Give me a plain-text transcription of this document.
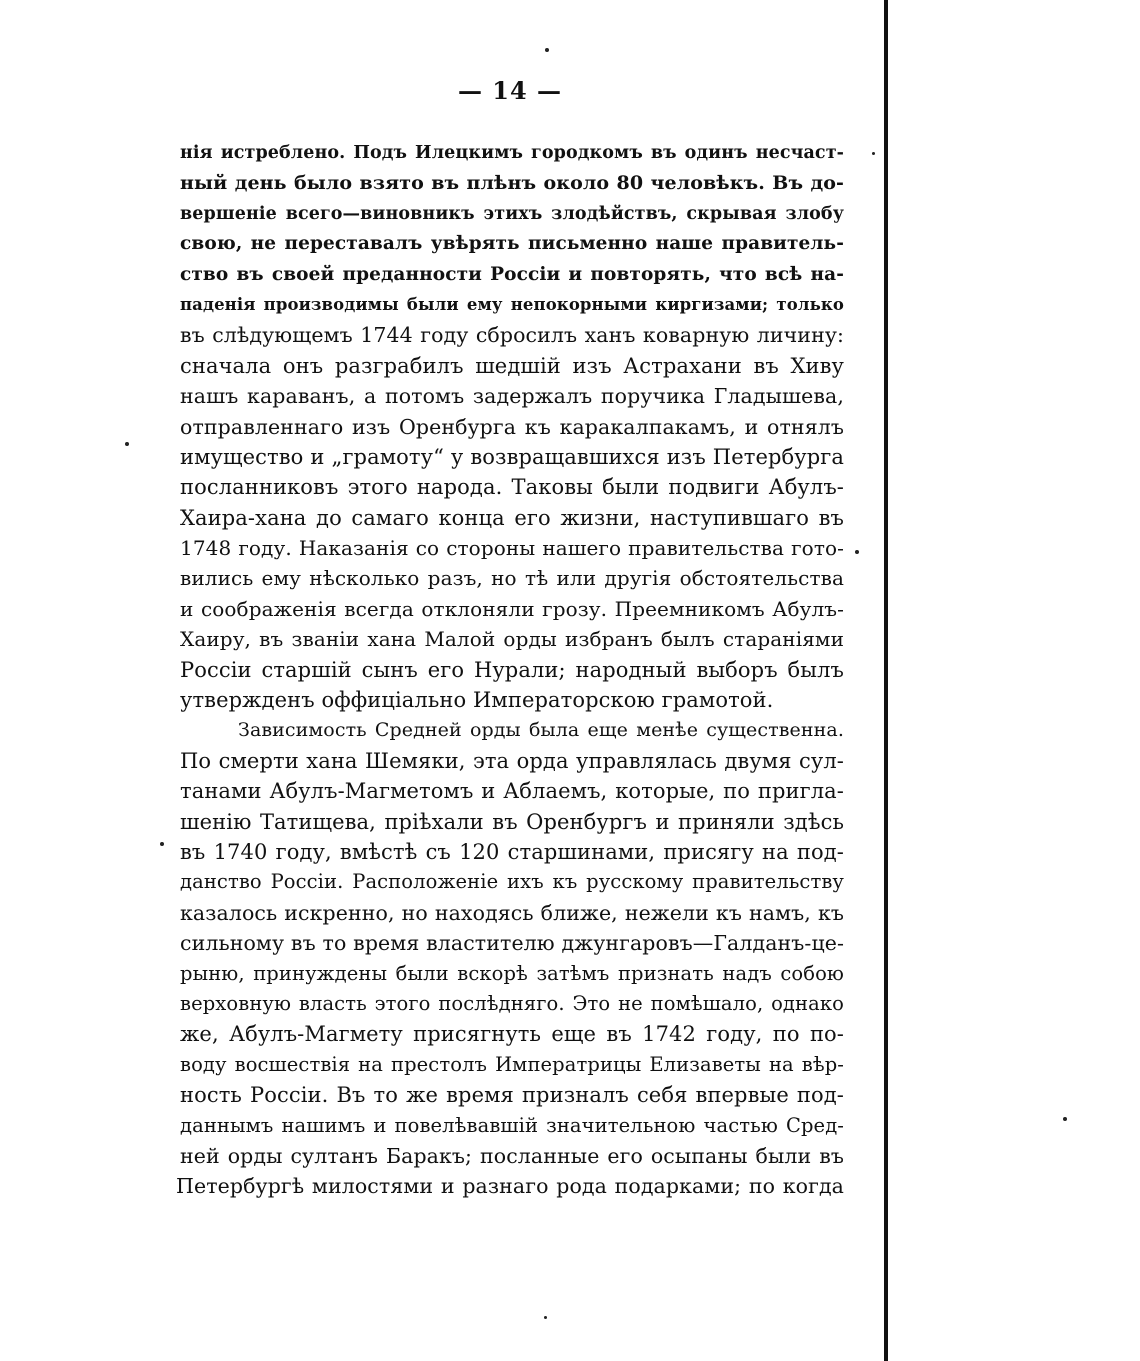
— 14 —
нія истреблено. Подъ Илецкимъ городкомъ въ одинъ несчаст-
ный день было взято въ плѣнъ около 80 человѣкъ. Въ до-
вершеніе всего—виновникъ этихъ злодѣйствъ, скрывая злобу
свою, не переставалъ увѣрять письменно наше правитель-
ство въ своей преданности Россіи и повторять, что всѣ на-
паденія производимы были ему непокорными киргизами; только
въ слѣдующемъ 1744 году сбросилъ ханъ коварную личину:
сначала онъ разграбилъ шедшій изъ Астрахани въ Хиву
нашъ караванъ, а потомъ задержалъ поручика Гладышева,
отправленнаго изъ Оренбурга къ каракалпакамъ, и отнялъ
имущество и „грамоту“ у возвращавшихся изъ Петербурга
посланниковъ этого народа. Таковы были подвиги Абулъ-
Хаира-хана до самаго конца его жизни, наступившаго въ
1748 году. Наказанія со стороны нашего правительства гото-
вились ему нѣсколько разъ, но тѣ или другія обстоятельства
и соображенія всегда отклоняли грозу. Преемникомъ Абулъ-
Хаиру, въ званіи хана Малой орды избранъ былъ стараніями
Россіи старшій сынъ его Нурали; народный выборъ былъ
утвержденъ оффиціально Императорскою грамотой.
Зависимость Средней орды была еще менѣе существенна.
По смерти хана Шемяки, эта орда управлялась двумя сул-
танами Абулъ-Магметомъ и Аблаемъ, которые, по пригла-
шенію Татищева, пріѣхали въ Оренбургъ и приняли здѣсь
въ 1740 году, вмѣстѣ съ 120 старшинами, присягу на под-
данство Россіи. Расположеніе ихъ къ русскому правительству
казалось искренно, но находясь ближе, нежели къ намъ, къ
сильному въ то время властителю джунгаровъ—Галданъ-це-
рыню, принуждены были вскорѣ затѣмъ признать надъ собою
верховную власть этого послѣдняго. Это не помѣшало, однако
же, Абулъ-Магмету присягнуть еще въ 1742 году, по по-
воду восшествія на престолъ Императрицы Елизаветы на вѣр-
ность Россіи. Въ то же время призналъ себя впервые под-
даннымъ нашимъ и повелѣвавшій значительною частью Сред-
ней орды султанъ Баракъ; посланные его осыпаны были въ
Петербургѣ милостями и разнаго рода подарками; по когда
